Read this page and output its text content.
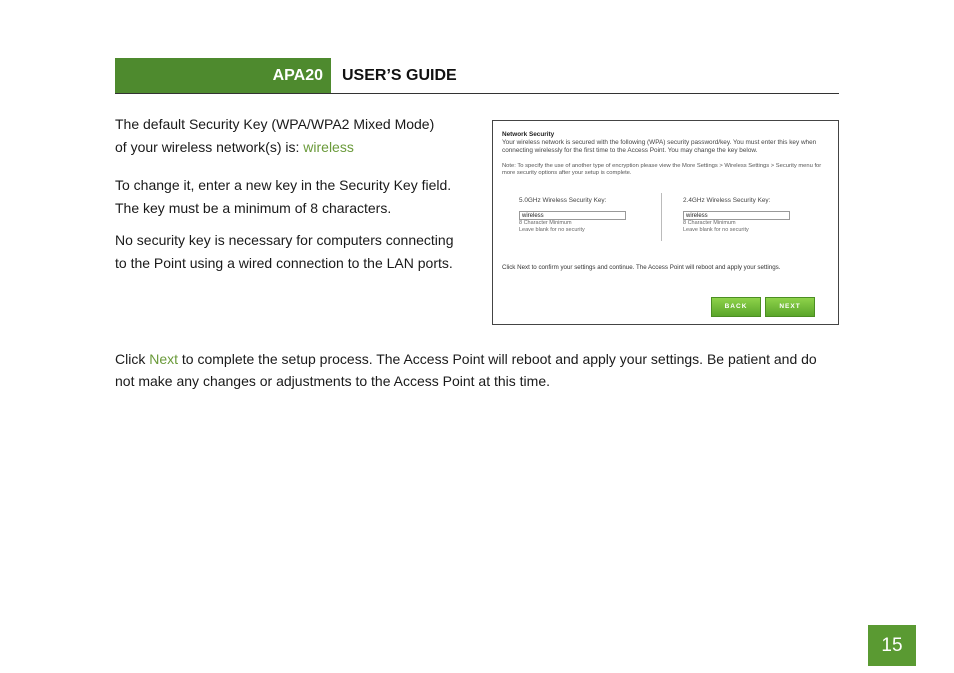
APA20	USER’S GUIDE
The default Security Key (WPA/WPA2 Mixed Mode)
of your wireless network(s) is: wireless
To change it, enter a new key in the Security Key field.
The key must be a minimum of 8 characters.
No security key is necessary for computers connecting
to the Point using a wired connection to the LAN ports.
Network Security
Your wireless network is secured with the following (WPA) security password/key. You must enter this key when connecting wirelessly for the first time to the Access Point. You may change the key below.
Note: To specify the use of another type of encryption please view the More Settings > Wireless Settings > Security menu for more security options after your setup is complete.
5.0GHz Wireless Security Key:
wireless
8 Character Minimum
Leave blank for no security
2.4GHz Wireless Security Key:
wireless
8 Character Minimum
Leave blank for no security
Click Next to confirm your settings and continue. The Access Point will reboot and apply your settings.
BACK	NEXT
Click Next to complete the setup process. The Access Point will reboot and apply your settings. Be patient and do not make any changes or adjustments to the Access Point at this time.
15
